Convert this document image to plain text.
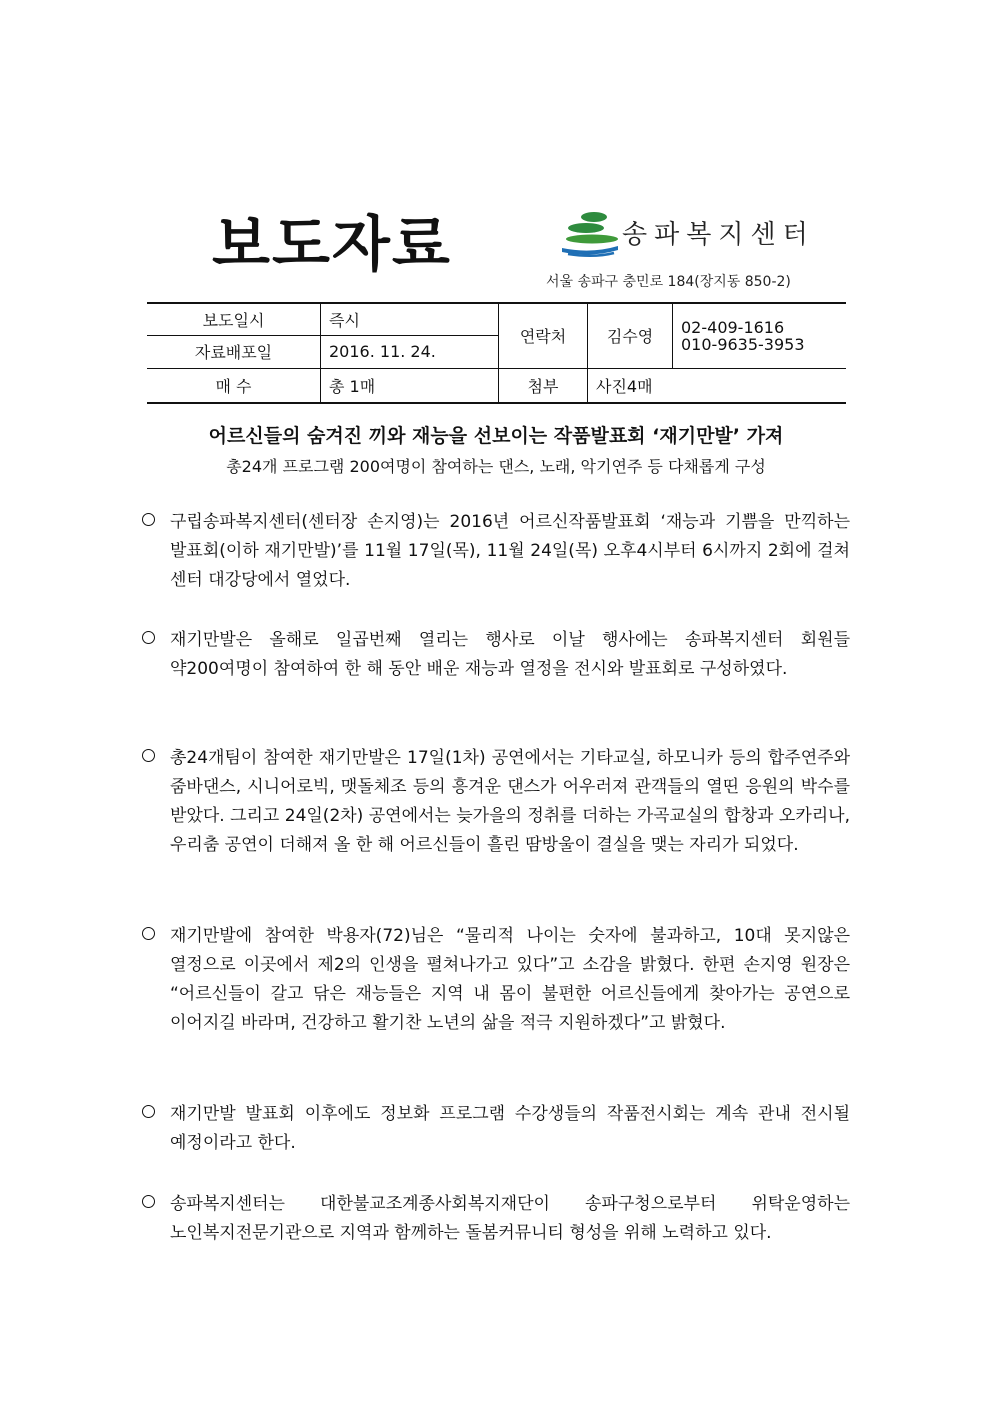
보도자료	송파복지센터
서울 송파구 충민로 184(장지동 850-2)
보도일시	즉시	연락처	김수영	02-409-1616
010-9635-3953

자료배포일	2016. 11. 24.			
매 수	총 1매	첨부	사진4매	
어르신들의 숨겨진 끼와 재능을 선보이는 작품발표회 ‘재기만발’ 가져
총24개 프로그램 200여명이 참여하는 댄스, 노래, 악기연주 등 다채롭게 구성
구립송파복지센터(센터장 손지영)는 2016년 어르신작품발표회 ‘재능과 기쁨을 만끽하는 발표회(이하 재기만발)’를 11월 17일(목), 11월 24일(목) 오후4시부터 6시까지 2회에 걸쳐 센터 대강당에서 열었다.
재기만발은 올해로 일곱번째 열리는 행사로 이날 행사에는 송파복지센터 회원들 약200여명이 참여하여 한 해 동안 배운 재능과 열정을 전시와 발표회로 구성하였다.
총24개팀이 참여한 재기만발은 17일(1차) 공연에서는 기타교실, 하모니카 등의 합주연주와 줌바댄스, 시니어로빅, 맷돌체조 등의 흥겨운 댄스가 어우러져 관객들의 열띤 응원의 박수를 받았다. 그리고 24일(2차) 공연에서는 늦가을의 정취를 더하는 가곡교실의 합창과 오카리나, 우리춤 공연이 더해져 올 한 해 어르신들이 흘린 땀방울이 결실을 맺는 자리가 되었다.
재기만발에 참여한 박용자(72)님은 “물리적 나이는 숫자에 불과하고, 10대 못지않은 열정으로 이곳에서 제2의 인생을 펼쳐나가고 있다”고 소감을 밝혔다. 한편 손지영 원장은 “어르신들이 갈고 닦은 재능들은 지역 내 몸이 불편한 어르신들에게 찾아가는 공연으로 이어지길 바라며, 건강하고 활기찬 노년의 삶을 적극 지원하겠다”고 밝혔다.
재기만발 발표회 이후에도 정보화 프로그램 수강생들의 작품전시회는 계속 관내 전시될 예정이라고 한다.
송파복지센터는 대한불교조계종사회복지재단이 송파구청으로부터 위탁운영하는 노인복지전문기관으로 지역과 함께하는 돌봄커뮤니티 형성을 위해 노력하고 있다.
